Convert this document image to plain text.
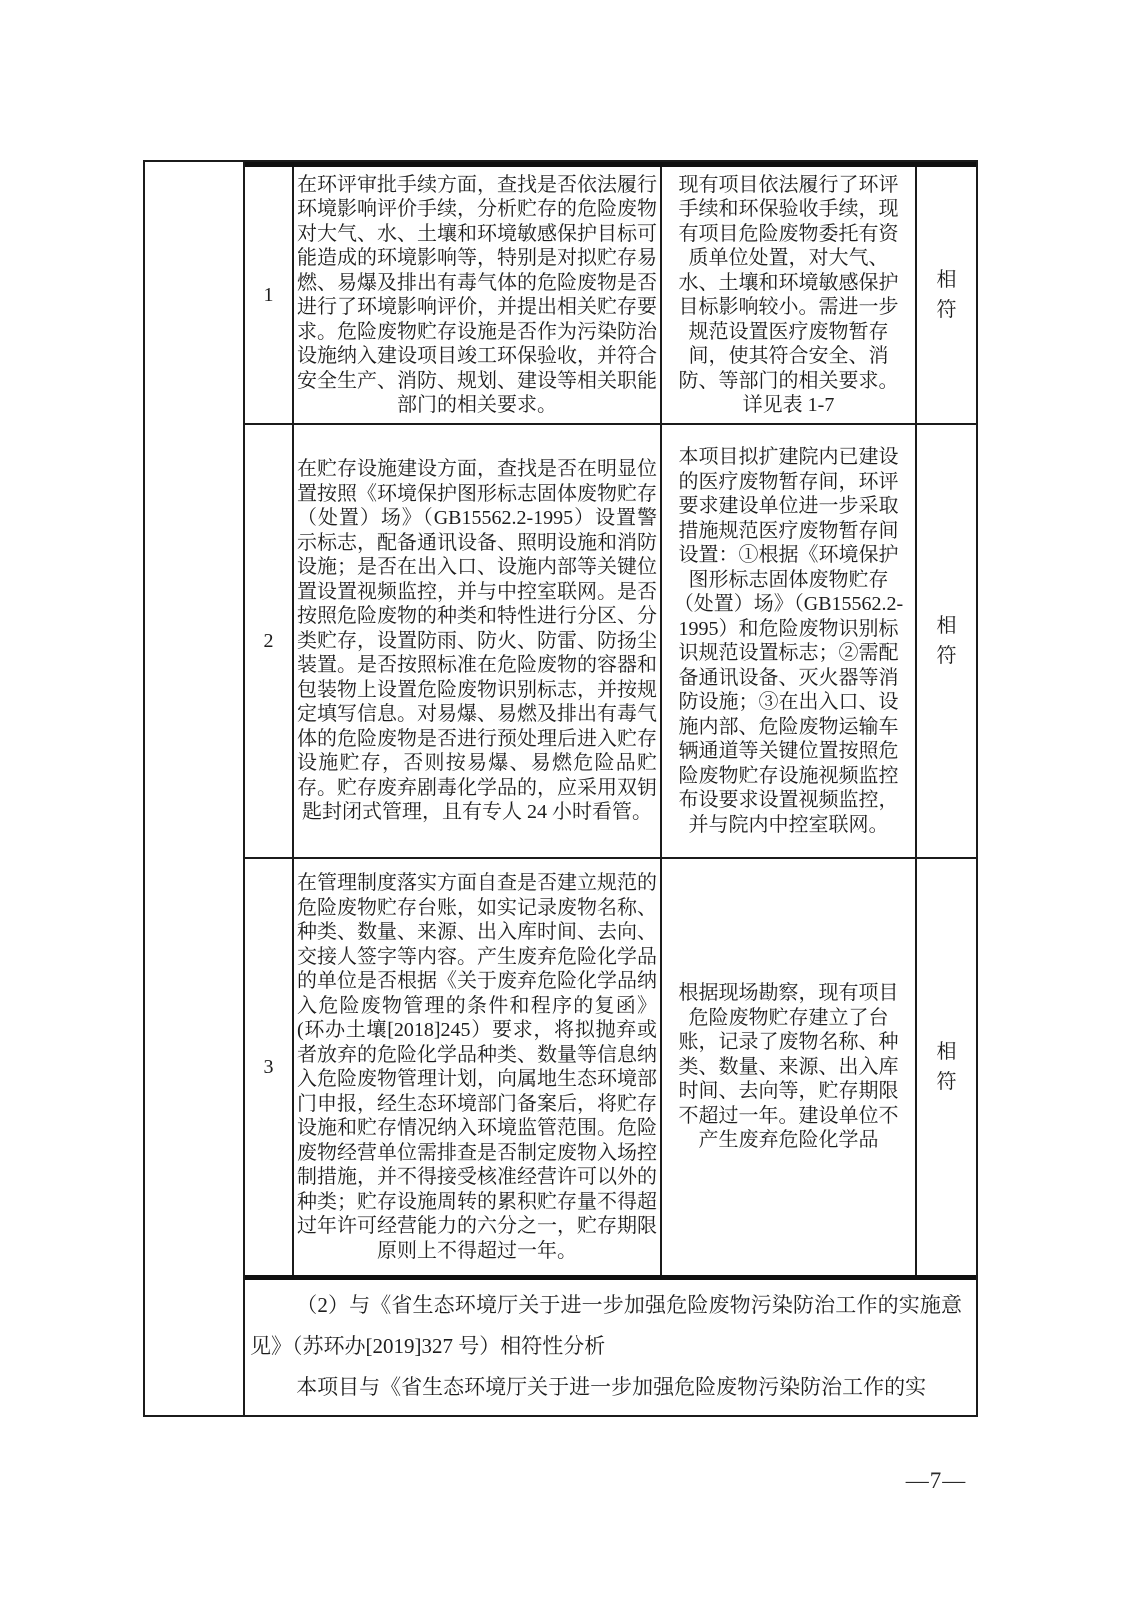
1
在环评审批手续方面，查找是否依法履行环境影响评价手续，分析贮存的危险废物对大气、水、土壤和环境敏感保护目标可能造成的环境影响等，特别是对拟贮存易燃、易爆及排出有毒气体的危险废物是否进行了环境影响评价，并提出相关贮存要求。危险废物贮存设施是否作为污染防治设施纳入建设项目竣工环保验收，并符合安全生产、消防、规划、建设等相关职能部门的相关要求。
现有项目依法履行了环评手续和环保验收手续，现有项目危险废物委托有资质单位处置，对大气、水、土壤和环境敏感保护目标影响较小。需进一步规范设置医疗废物暂存间，使其符合安全、消防、等部门的相关要求。详见表 1-7
相符
2
在贮存设施建设方面，查找是否在明显位置按照《环境保护图形标志固体废物贮存（处置）场》（GB15562.2-1995）设置警示标志，配备通讯设备、照明设施和消防设施；是否在出入口、设施内部等关键位置设置视频监控，并与中控室联网。是否按照危险废物的种类和特性进行分区、分类贮存，设置防雨、防火、防雷、防扬尘装置。是否按照标准在危险废物的容器和包装物上设置危险废物识别标志，并按规定填写信息。对易爆、易燃及排出有毒气体的危险废物是否进行预处理后进入贮存设施贮存，否则按易爆、易燃危险品贮存。贮存废弃剧毒化学品的，应采用双钥匙封闭式管理，且有专人 24 小时看管。
本项目拟扩建院内已建设的医疗废物暂存间，环评要求建设单位进一步采取措施规范医疗废物暂存间设置：①根据《环境保护图形标志固体废物贮存（处置）场》（GB15562.2-1995）和危险废物识别标识规范设置标志；②需配备通讯设备、灭火器等消防设施；③在出入口、设施内部、危险废物运输车辆通道等关键位置按照危险废物贮存设施视频监控布设要求设置视频监控，并与院内中控室联网。
相符
3
在管理制度落实方面自查是否建立规范的危险废物贮存台账，如实记录废物名称、种类、数量、来源、出入库时间、去向、交接人签字等内容。产生废弃危险化学品的单位是否根据《关于废弃危险化学品纳入危险废物管理的条件和程序的复函》(环办土壤[2018]245）要求，将拟抛弃或者放弃的危险化学品种类、数量等信息纳入危险废物管理计划，向属地生态环境部门申报，经生态环境部门备案后，将贮存设施和贮存情况纳入环境监管范围。危险废物经营单位需排查是否制定废物入场控制措施，并不得接受核准经营许可以外的种类；贮存设施周转的累积贮存量不得超过年许可经营能力的六分之一，贮存期限原则上不得超过一年。
根据现场勘察，现有项目危险废物贮存建立了台账，记录了废物名称、种类、数量、来源、出入库时间、去向等，贮存期限不超过一年。建设单位不产生废弃危险化学品
相符

（2）与《省生态环境厅关于进一步加强危险废物污染防治工作的实施意见》（苏环办[2019]327 号）相符性分析

本项目与《省生态环境厅关于进一步加强危险废物污染防治工作的实

—7—
